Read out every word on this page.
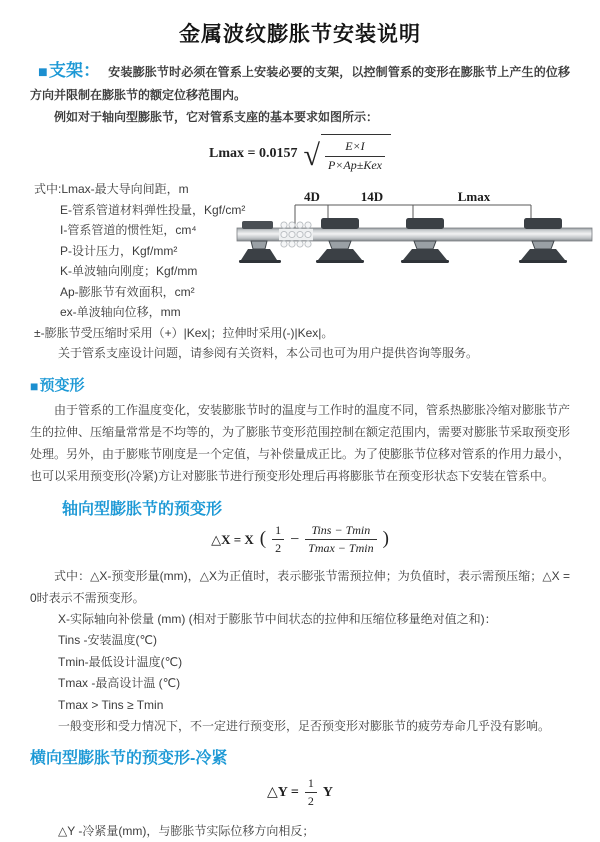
金属波纹膨胀节安装说明

■支架： 安装膨胀节时必须在管系上安装必要的支架，以控制管系的变形在膨胀节上产生的位移方向并限制在膨胀节的额定位移范围内。

例如对于轴向型膨胀节，它对管系支座的基本要求如图所示：

Lmax = 0.0157 √ $\frac{E\times I}{\text{P×Ap±Kex}}$
式中:Lmax-最大导向间距，m
E-管系管道材料弹性投量，Kgf/cm²
I-管系管道的惯性矩，cm⁴
P-设计压力，Kgf/mm²
K-单波轴向刚度；Kgf/mm
Ap-膨胀节有效面积，cm²
ex-单波轴向位移，mm

±-膨胀节受压缩时采用（+）|Kex|；拉伸时采用(-)|Kex|。

关于管系支座设计问题，请参阅有关资料，本公司也可为用户提供咨询等服务。

4D	14D	Lmax
■预变形

由于管系的工作温度变化，安装膨胀节时的温度与工作时的温度不同，管系热膨胀冷缩对膨胀节产生的拉伸、压缩量常常是不均等的，为了膨胀节变形范围控制在额定范围内，需要对膨胀节采取预变形处理。另外，由于膨账节刚度是一个定值，与补偿量成正比。为了使膨胀节位移对管系的作用力最小，也可以采用预变形(冷紧)方让对膨胀节进行预变形处理后再将膨胀节在预变形状态下安装在管系中。

轴向型膨胀节的预变形
△X = X ( $\frac{1}{2} - \frac{\text{Tins − Tmin}}{Tmax - Tmin}$ )

式中：△X-预变形量(mm)，△X为正值时，表示膨张节需预拉伸；为负值时，表示需预压缩；△X = 0时表示不需预变形。

X-实际轴向补偿量 (mm) (相对于膨胀节中间状态的拉伸和压缩位移量绝对值之和)：
Tins -安装温度(℃)
Tmin-最低设计温度(℃)
Tmax -最高设计温 (℃)
Tmax > Tins ≥ Tmin
一般变形和受力情况下，不一定进行预变形，足否预变形对膨胀节的疲劳寿命几乎没有影响。
横向型膨胀节的预变形-冷紧
△Y = $\frac{1}{2}$ Y

△Y -冷紧量(mm)，与膨胀节实际位移方向相反；
